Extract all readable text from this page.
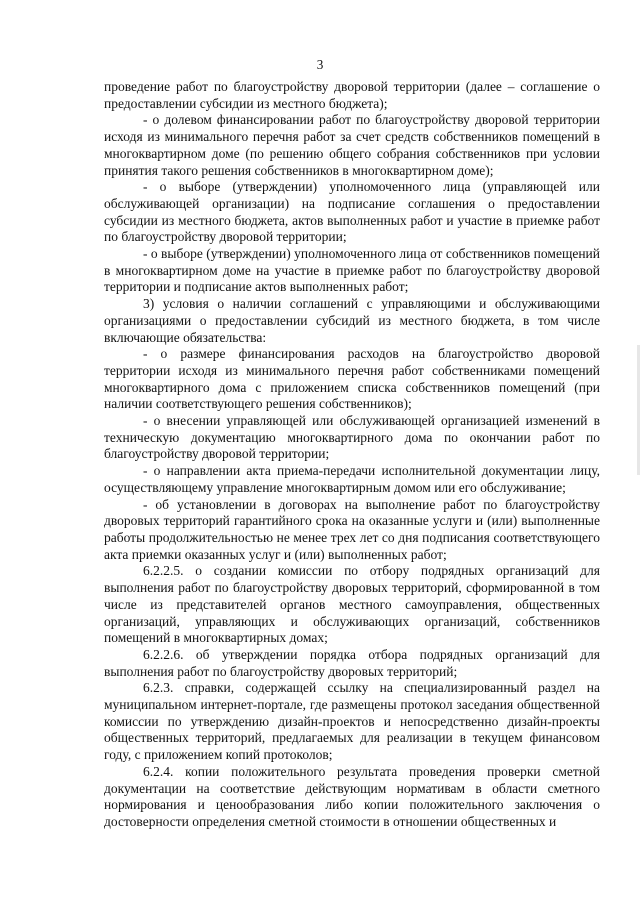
3

проведение работ по благоустройству дворовой территории (далее – соглашение о предоставлении субсидии из местного бюджета);

- о долевом финансировании работ по благоустройству дворовой территории исходя из минимального перечня работ за счет средств собственников помещений в многоквартирном доме (по решению общего собрания собственников при условии принятия такого решения собственников в многоквартирном доме);

- о выборе (утверждении) уполномоченного лица (управляющей или обслуживающей организации) на подписание соглашения о предоставлении субсидии из местного бюджета, актов выполненных работ и участие в приемке работ по благоустройству дворовой территории;

- о выборе (утверждении) уполномоченного лица от собственников помещений в многоквартирном доме на участие в приемке работ по благоустройству дворовой территории и подписание актов выполненных работ;

3) условия о наличии соглашений с управляющими и обслуживающими организациями о предоставлении субсидий из местного бюджета, в том числе включающие обязательства:

- о размере финансирования расходов на благоустройство дворовой территории исходя из минимального перечня работ собственниками помещений многоквартирного дома с приложением списка собственников помещений (при наличии соответствующего решения собственников);

- о внесении управляющей или обслуживающей организацией изменений в техническую документацию многоквартирного дома по окончании работ по благоустройству дворовой территории;

- о направлении акта приема-передачи исполнительной документации лицу, осуществляющему управление многоквартирным домом или его обслуживание;

- об установлении в договорах на выполнение работ по благоустройству дворовых территорий гарантийного срока на оказанные услуги и (или) выполненные работы продолжительностью не менее трех лет со дня подписания соответствующего акта приемки оказанных услуг и (или) выполненных работ;

6.2.2.5. о создании комиссии по отбору подрядных организаций для выполнения работ по благоустройству дворовых территорий, сформированной в том числе из представителей органов местного самоуправления, общественных организаций, управляющих и обслуживающих организаций, собственников помещений в многоквартирных домах;

6.2.2.6. об утверждении порядка отбора подрядных организаций для выполнения работ по благоустройству дворовых территорий;

6.2.3. справки, содержащей ссылку на специализированный раздел на муниципальном интернет-портале, где размещены протокол заседания общественной комиссии по утверждению дизайн-проектов и непосредственно дизайн-проекты общественных территорий, предлагаемых для реализации в текущем финансовом году, с приложением копий протоколов;

6.2.4. копии положительного результата проведения проверки сметной документации на соответствие действующим нормативам в области сметного нормирования и ценообразования либо копии положительного заключения о достоверности определения сметной стоимости в отношении общественных и
